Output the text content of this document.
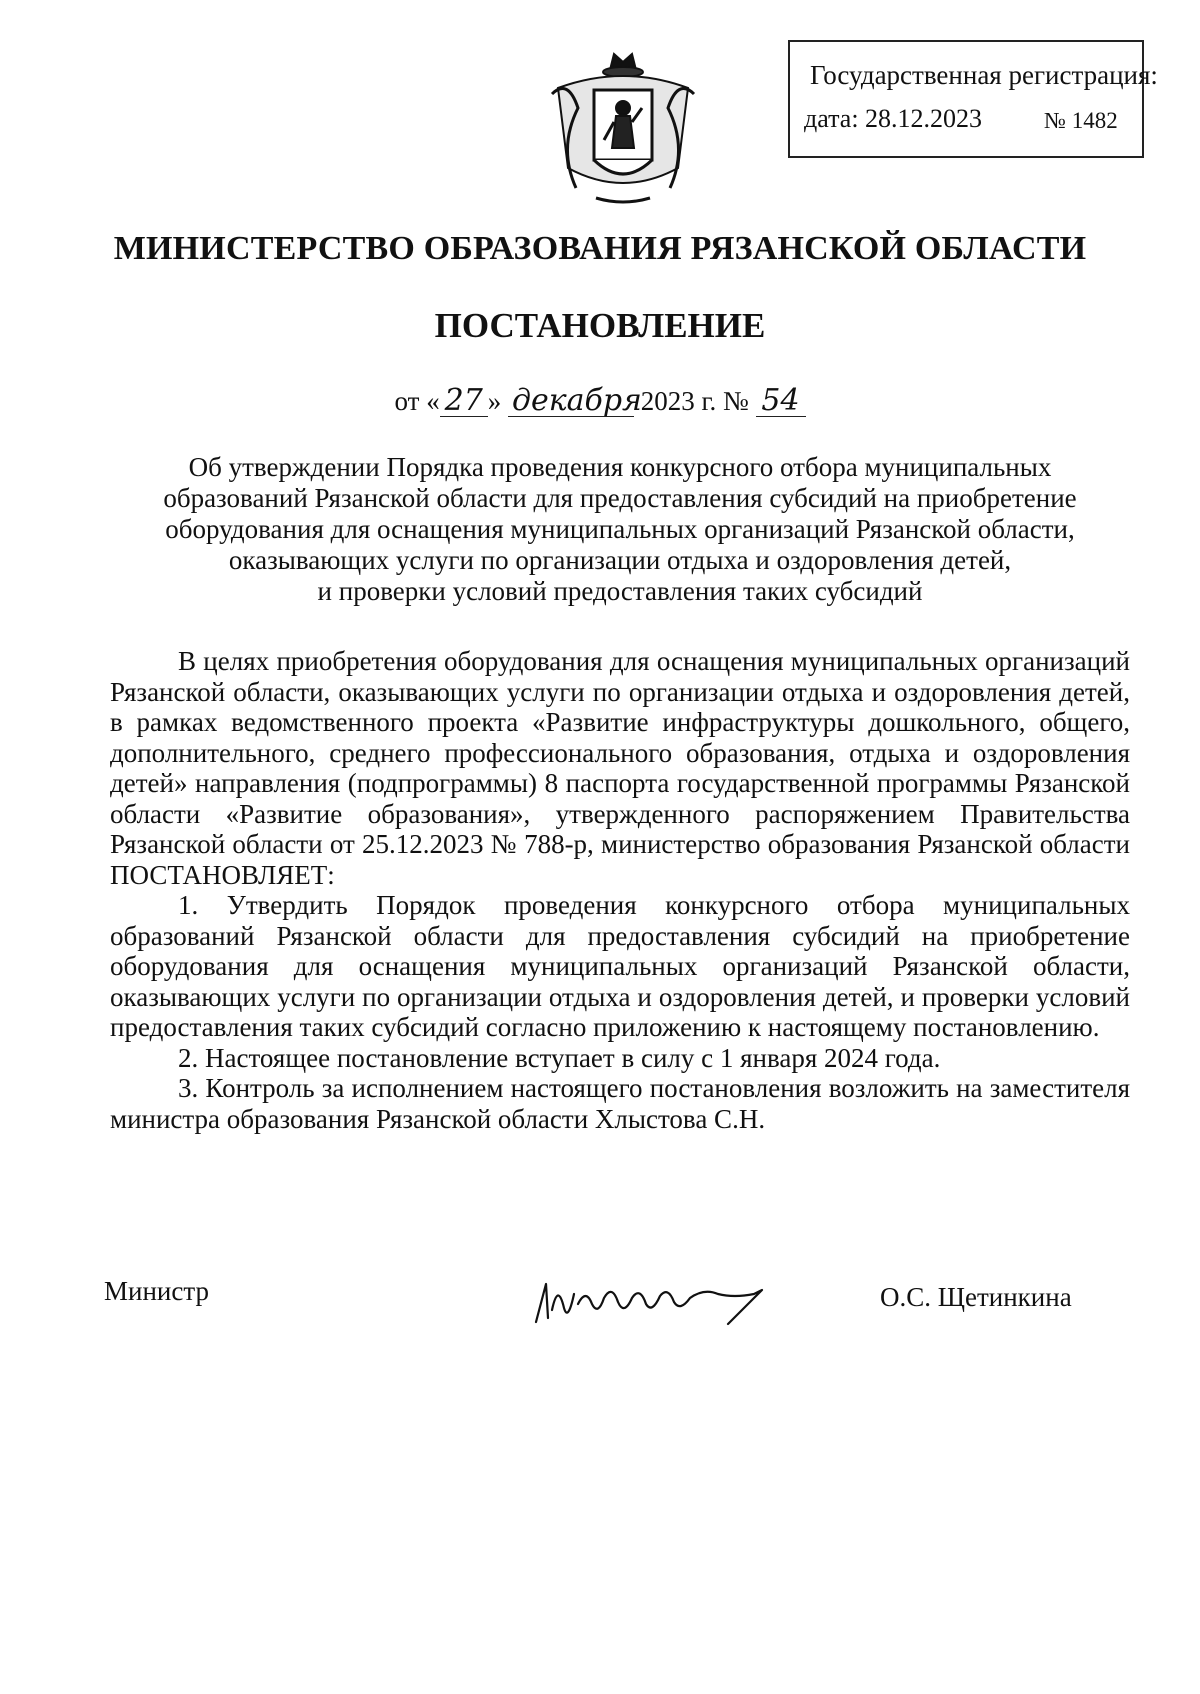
Государственная регистрация:
дата: 28.12.2023	№ 1482
МИНИСТЕРСТВО ОБРАЗОВАНИЯ РЯЗАНСКОЙ ОБЛАСТИ
ПОСТАНОВЛЕНИЕ
от « 27 » декабря 2023 г. № 54
Об утверждении Порядка проведения конкурсного отбора муниципальных
образований Рязанской области для предоставления субсидий на приобретение
оборудования для оснащения муниципальных организаций Рязанской области,
оказывающих услуги по организации отдыха и оздоровления детей,
и проверки условий предоставления таких субсидий

В целях приобретения оборудования для оснащения муниципальных организаций Рязанской области, оказывающих услуги по организации отдыха и оздоровления детей, в рамках ведомственного проекта «Развитие инфраструктуры дошкольного, общего, дополнительного, среднего профессионального образования, отдыха и оздоровления детей» направления (подпрограммы) 8 паспорта государственной программы Рязанской области «Развитие образования», утвержденного распоряжением Правительства Рязанской области от 25.12.2023 № 788-р, министерство образования Рязанской области ПОСТАНОВЛЯЕТ:

1. Утвердить Порядок проведения конкурсного отбора муниципальных образований Рязанской области для предоставления субсидий на приобретение оборудования для оснащения муниципальных организаций Рязанской области, оказывающих услуги по организации отдыха и оздоровления детей, и проверки условий предоставления таких субсидий согласно приложению к настоящему постановлению.

2. Настоящее постановление вступает в силу с 1 января 2024 года.

3. Контроль за исполнением настоящего постановления возложить на заместителя министра образования Рязанской области Хлыстова С.Н.

Министр	О.С. Щетинкина
